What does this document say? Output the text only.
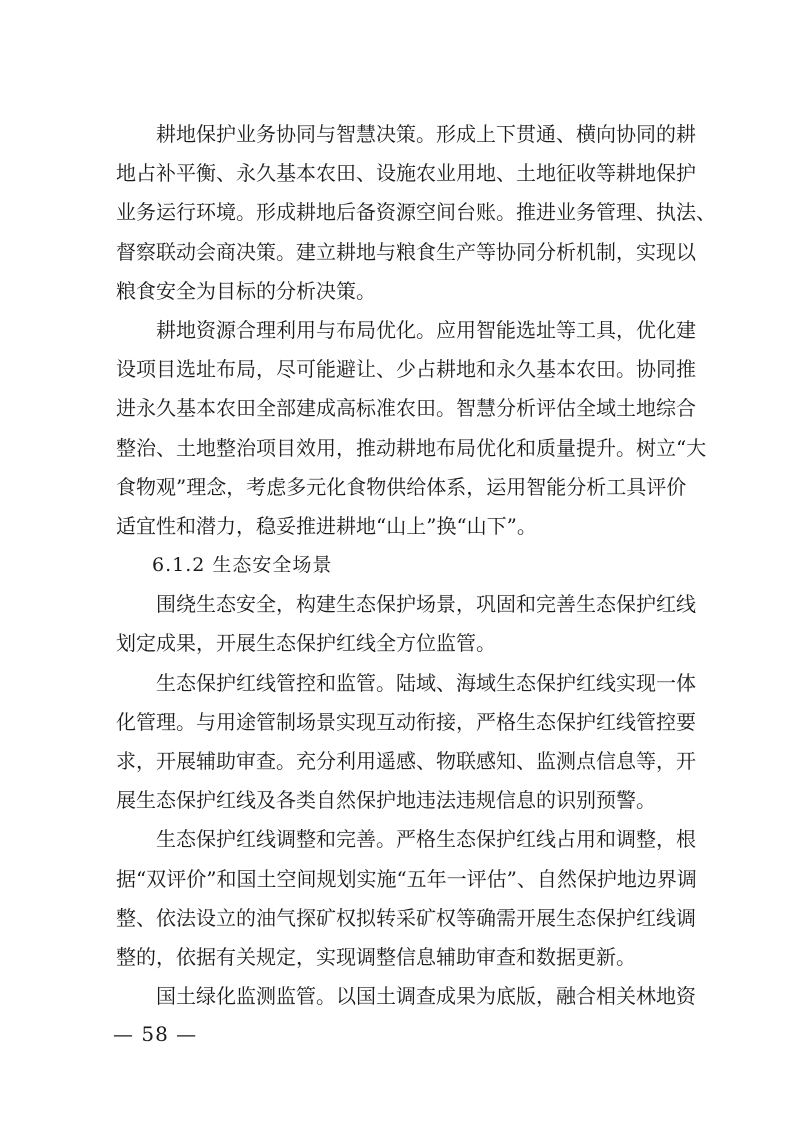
耕地保护业务协同与智慧决策。形成上下贯通、横向协同的耕
地占补平衡、永久基本农田、设施农业用地、土地征收等耕地保护
业务运行环境。形成耕地后备资源空间台账。推进业务管理、执法、
督察联动会商决策。建立耕地与粮食生产等协同分析机制，实现以
粮食安全为目标的分析决策。
耕地资源合理利用与布局优化。应用智能选址等工具，优化建
设项目选址布局，尽可能避让、少占耕地和永久基本农田。协同推
进永久基本农田全部建成高标准农田。智慧分析评估全域土地综合
整治、土地整治项目效用，推动耕地布局优化和质量提升。树立“大
食物观”理念，考虑多元化食物供给体系，运用智能分析工具评价
适宜性和潜力，稳妥推进耕地“山上”换“山下”。
6.1.2 生态安全场景
围绕生态安全，构建生态保护场景，巩固和完善生态保护红线
划定成果，开展生态保护红线全方位监管。
生态保护红线管控和监管。陆域、海域生态保护红线实现一体
化管理。与用途管制场景实现互动衔接，严格生态保护红线管控要
求，开展辅助审查。充分利用遥感、物联感知、监测点信息等，开
展生态保护红线及各类自然保护地违法违规信息的识别预警。
生态保护红线调整和完善。严格生态保护红线占用和调整，根
据“双评价”和国土空间规划实施“五年一评估”、自然保护地边界调
整、依法设立的油气探矿权拟转采矿权等确需开展生态保护红线调
整的，依据有关规定，实现调整信息辅助审查和数据更新。
国土绿化监测监管。以国土调查成果为底版，融合相关林地资
— 58 —
